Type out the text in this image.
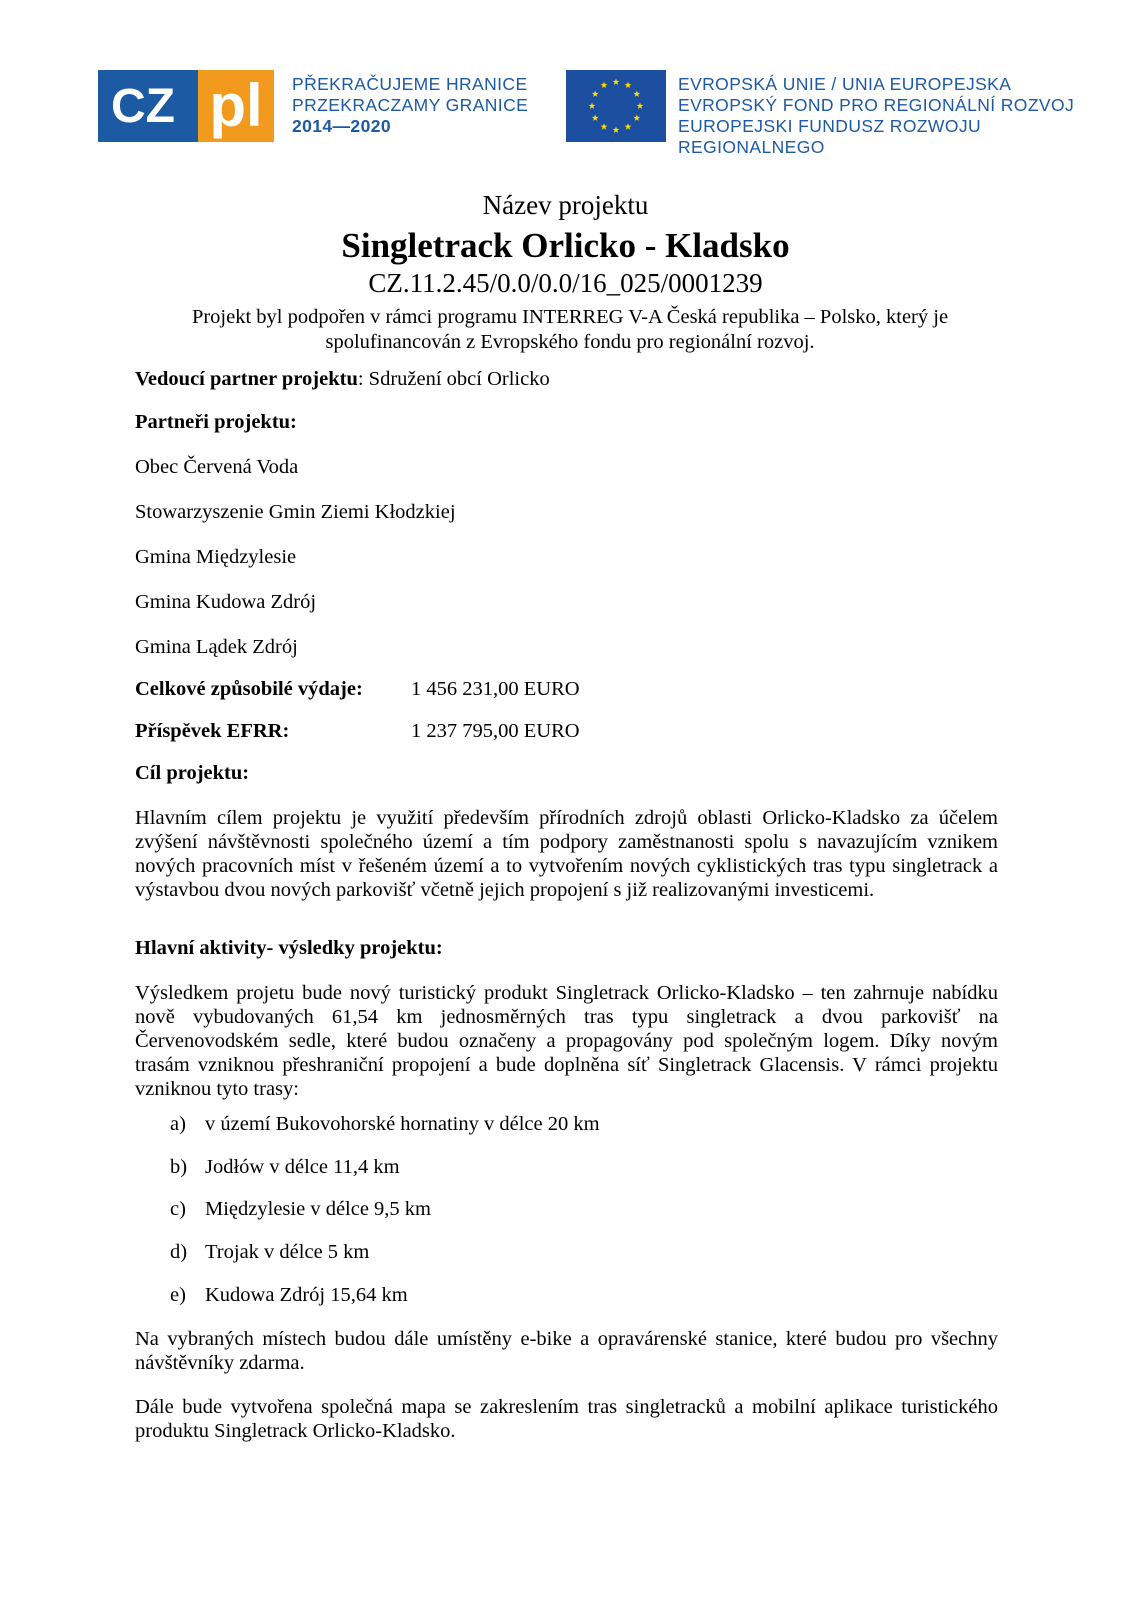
CZ pl PŘEKRAČUJEME HRANICE
PRZEKRACZAMY GRANICE
2014—2020
EVROPSKÁ UNIE / UNIA EUROPEJSKA
EVROPSKÝ FOND PRO REGIONÁLNÍ ROZVOJ
EUROPEJSKI FUNDUSZ ROZWOJU REGIONALNEGO
Název projektu
Singletrack Orlicko - Kladsko
CZ.11.2.45/0.0/0.0/16_025/0001239
Projekt byl podpořen v rámci programu INTERREG V-A Česká republika – Polsko, který je spolufinancován z Evropského fondu pro regionální rozvoj.
Vedoucí partner projektu: Sdružení obcí Orlicko
Partneři projektu:
Obec Červená Voda
Stowarzyszenie Gmin Ziemi Kłodzkiej
Gmina Międzylesie
Gmina Kudowa Zdrój
Gmina Lądek Zdrój
Celkové způsobilé výdaje: 1 456 231,00 EURO
Příspěvek EFRR:	1 237 795,00 EURO
Cíl projektu:
Hlavním cílem projektu je využití především přírodních zdrojů oblasti Orlicko-Kladsko za účelem zvýšení návštěvnosti společného území a tím podpory zaměstnanosti spolu s navazujícím vznikem nových pracovních míst v řešeném území a to vytvořením nových cyklistických tras typu singletrack a výstavbou dvou nových parkovišť včetně jejich propojení s již realizovanými investicemi.
Hlavní aktivity- výsledky projektu:
Výsledkem projetu bude nový turistický produkt Singletrack Orlicko-Kladsko – ten zahrnuje nabídku nově vybudovaných 61,54 km jednosměrných tras typu singletrack a dvou parkovišť na Červenovodském sedle, které budou označeny a propagovány pod společným logem. Díky novým trasám vzniknou přeshraniční propojení a bude doplněna síť Singletrack Glacensis. V rámci projektu vzniknou tyto trasy:
a) v území Bukovohorské hornatiny v délce 20 km
b) Jodłów v délce 11,4 km
c) Międzylesie v délce 9,5 km
d) Trojak v délce 5 km
e) Kudowa Zdrój 15,64 km
Na vybraných místech budou dále umístěny e-bike a opravárenské stanice, které budou pro všechny návštěvníky zdarma.
Dále bude vytvořena společná mapa se zakreslením tras singletracků a mobilní aplikace turistického produktu Singletrack Orlicko-Kladsko.
